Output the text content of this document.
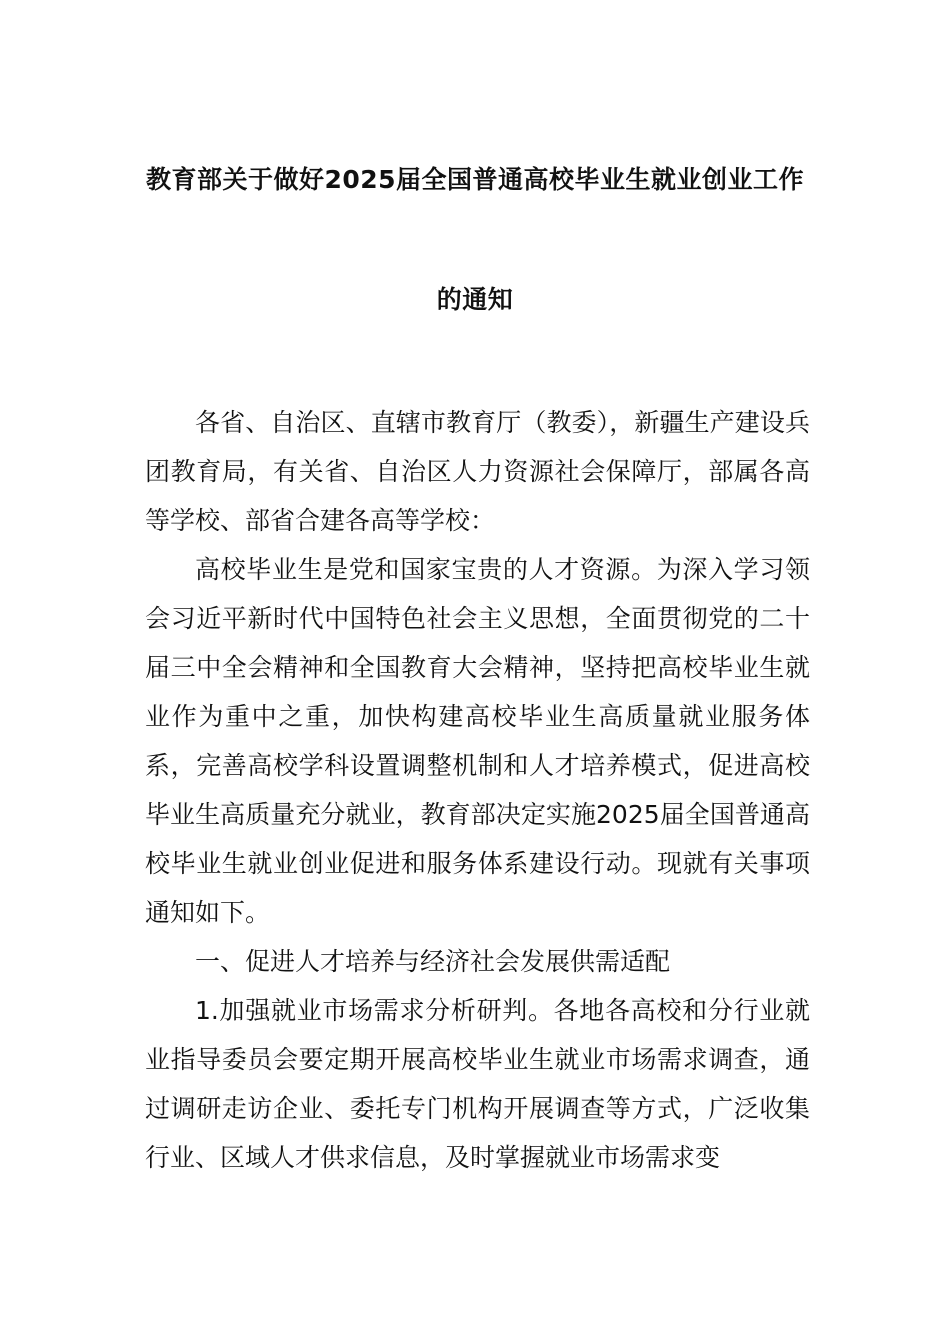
教育部关于做好2025届全国普通高校毕业生就业创业工作
的通知

各省、自治区、直辖市教育厅（教委），新疆生产建设兵团教育局，有关省、自治区人力资源社会保障厅，部属各高等学校、部省合建各高等学校：

高校毕业生是党和国家宝贵的人才资源。为深入学习领会习近平新时代中国特色社会主义思想，全面贯彻党的二十届三中全会精神和全国教育大会精神，坚持把高校毕业生就业作为重中之重，加快构建高校毕业生高质量就业服务体系，完善高校学科设置调整机制和人才培养模式，促进高校毕业生高质量充分就业，教育部决定实施2025届全国普通高校毕业生就业创业促进和服务体系建设行动。现就有关事项通知如下。

一、促进人才培养与经济社会发展供需适配

1.加强就业市场需求分析研判。各地各高校和分行业就业指导委员会要定期开展高校毕业生就业市场需求调查，通过调研走访企业、委托专门机构开展调查等方式，广泛收集行业、区域人才供求信息，及时掌握就业市场需求变
